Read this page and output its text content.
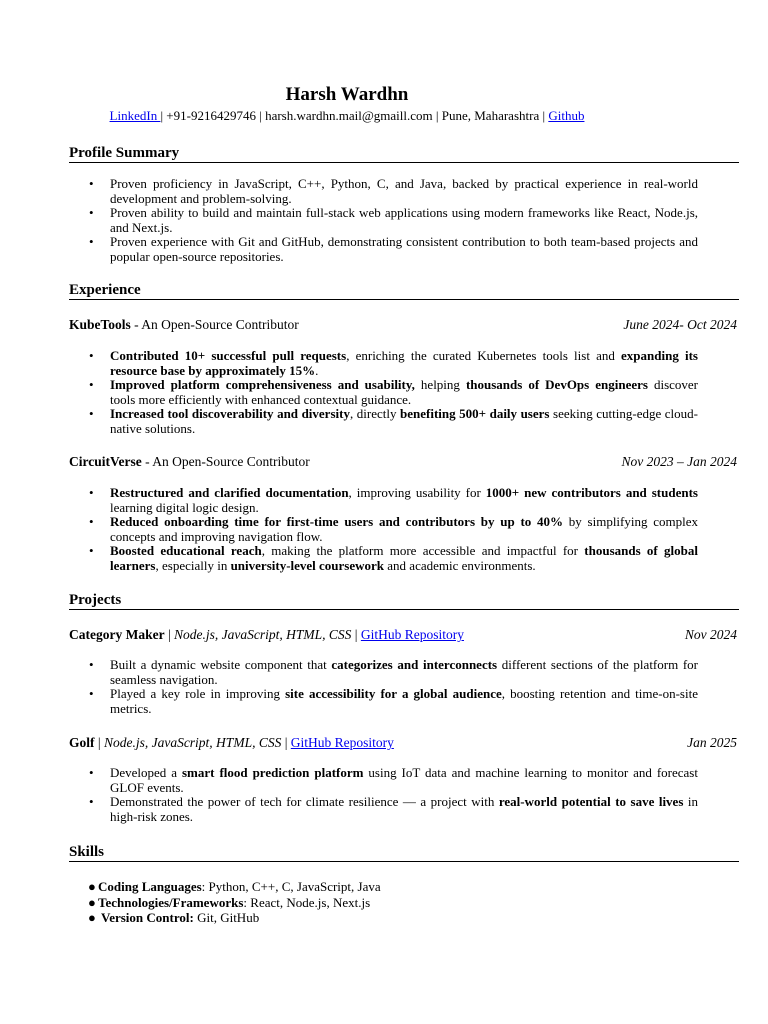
Harsh Wardhn
LinkedIn | +91-9216429746 | harsh.wardhn.mail@gmaill.com | Pune, Maharashtra | Github
Profile Summary
• Proven proficiency in JavaScript, C++, Python, C, and Java, backed by practical experience in real-world development and problem-solving.
• Proven ability to build and maintain full-stack web applications using modern frameworks like React, Node.js, and Next.js.
• Proven experience with Git and GitHub, demonstrating consistent contribution to both team-based projects and popular open-source repositories.
Experience
KubeTools - An Open-Source Contributor	June 2024- Oct 2024
• Contributed 10+ successful pull requests, enriching the curated Kubernetes tools list and expanding its resource base by approximately 15%.
• Improved platform comprehensiveness and usability, helping thousands of DevOps engineers discover tools more efficiently with enhanced contextual guidance.
• Increased tool discoverability and diversity, directly benefiting 500+ daily users seeking cutting-edge cloud-native solutions.
CircuitVerse - An Open-Source Contributor	Nov 2023 – Jan 2024
• Restructured and clarified documentation, improving usability for 1000+ new contributors and students learning digital logic design.
• Reduced onboarding time for first-time users and contributors by up to 40% by simplifying complex concepts and improving navigation flow.
• Boosted educational reach, making the platform more accessible and impactful for thousands of global learners, especially in university-level coursework and academic environments.
Projects
Category Maker | Node.js, JavaScript, HTML, CSS | GitHub Repository	Nov 2024
• Built a dynamic website component that categorizes and interconnects different sections of the platform for seamless navigation.
• Played a key role in improving site accessibility for a global audience, boosting retention and time-on-site metrics.
Golf | Node.js, JavaScript, HTML, CSS | GitHub Repository	Jan 2025
• Developed a smart flood prediction platform using IoT data and machine learning to monitor and forecast GLOF events.
• Demonstrated the power of tech for climate resilience — a project with real-world potential to save lives in high-risk zones.
Skills
● Coding Languages: Python, C++, C, JavaScript, Java
● Technologies/Frameworks: React, Node.js, Next.js
● Version Control: Git, GitHub
